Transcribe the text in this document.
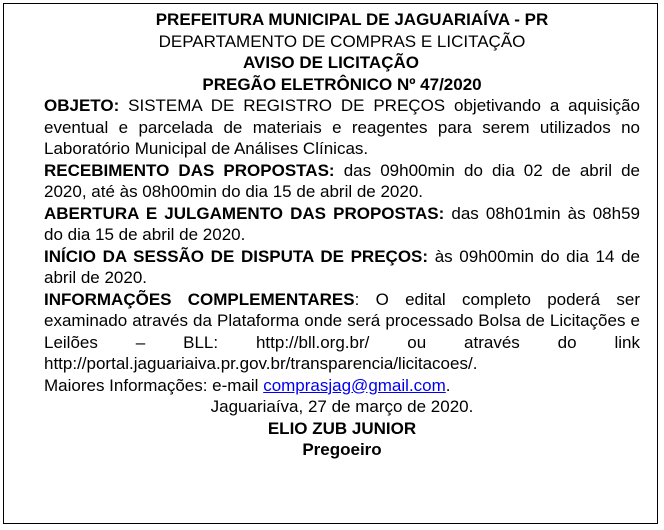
PREFEITURA MUNICIPAL DE JAGUARIAÍVA - PR
DEPARTAMENTO DE COMPRAS E LICITAÇÃO
AVISO DE LICITAÇÃO
PREGÃO ELETRÔNICO Nº 47/2020

OBJETO: SISTEMA DE REGISTRO DE PREÇOS objetivando a aquisição eventual e parcelada de materiais e reagentes para serem utilizados no Laboratório Municipal de Análises Clínicas.

RECEBIMENTO DAS PROPOSTAS: das 09h00min do dia 02 de abril de 2020, até às 08h00min do dia 15 de abril de 2020.

ABERTURA E JULGAMENTO DAS PROPOSTAS: das 08h01min às 08h59 do dia 15 de abril de 2020.

INÍCIO DA SESSÃO DE DISPUTA DE PREÇOS: às 09h00min do dia 14 de abril de 2020.

INFORMAÇÕES COMPLEMENTARES: O edital completo poderá ser examinado através da Plataforma onde será processado Bolsa de Licitações e Leilões – BLL: http://bll.org.br/ ou através do link http://portal.jaguariaiva.pr.gov.br/transparencia/licitacoes/.

Maiores Informações: e-mail comprasjag@gmail.com.
Jaguariaíva, 27 de março de 2020.
ELIO ZUB JUNIOR
Pregoeiro
